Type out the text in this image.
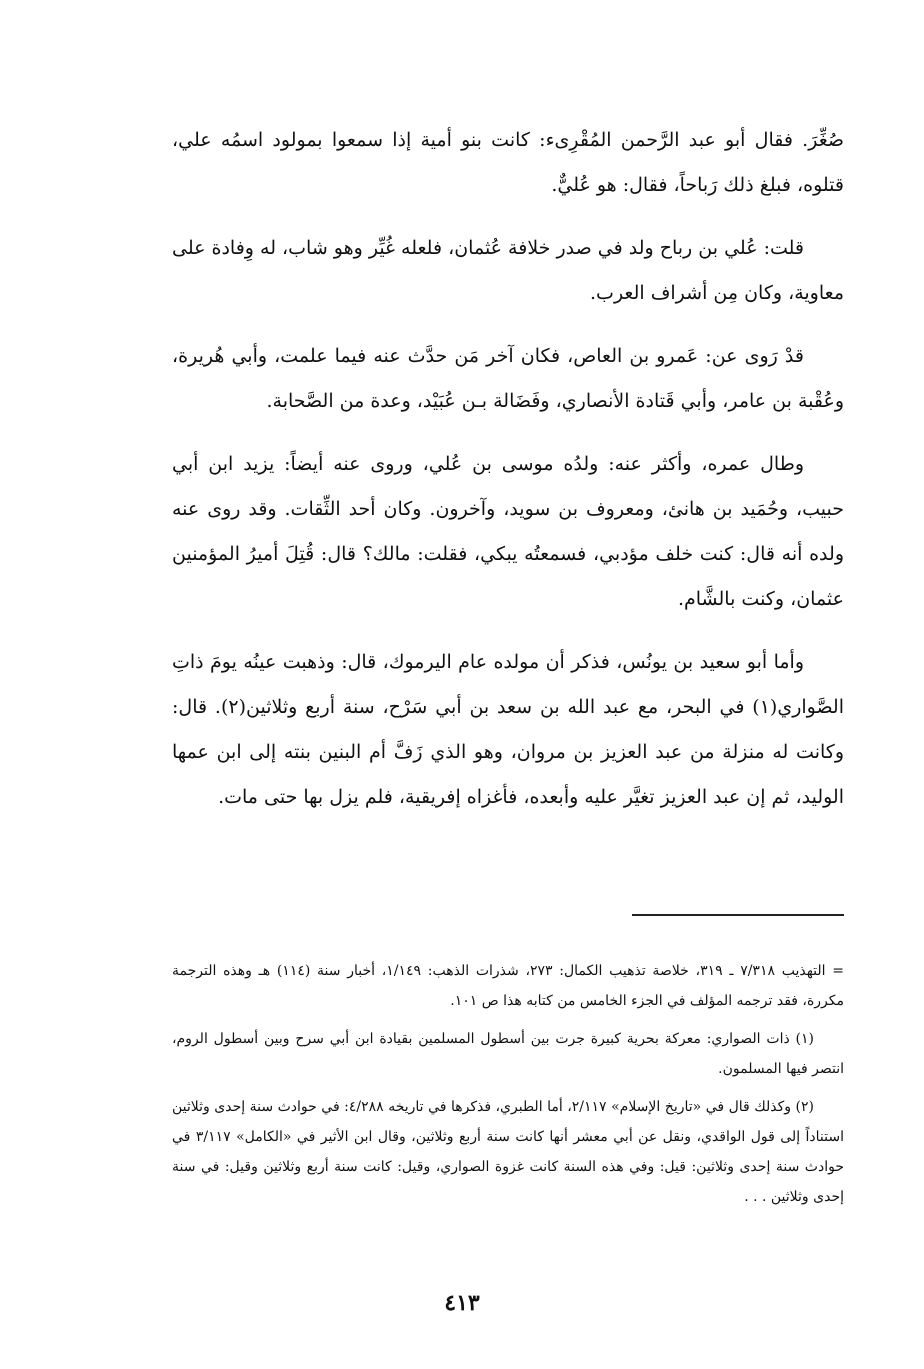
صُغِّرَ. فقال أبو عبد الرَّحمن المُقْرِىء: كانت بنو أمية إذا سمعوا بمولود اسمُه علي، قتلوه، فبلغ ذلك رَباحاً، فقال: هو عُليٌّ.

قلت: عُلي بن رباح ولد في صدر خلافة عُثمان، فلعله غُيِّر وهو شاب، له وِفادة على معاوية، وكان مِن أشراف العرب.

قدْ رَوى عن: عَمرو بن العاص، فكان آخر مَن حدَّث عنه فيما علمت، وأبي هُريرة، وعُقْبة بن عامر، وأبي قَتادة الأنصاري، وفَضَالة بـن عُبَيْد، وعدة من الصَّحابة.

وطال عمره، وأكثر عنه: ولدُه موسى بن عُلي، وروى عنه أيضاً: يزيد ابن أبي حبيب، وحُمَيد بن هانئ، ومعروف بن سويد، وآخرون. وكان أحد الثِّقات. وقد روى عنه ولده أنه قال: كنت خلف مؤدبي، فسمعتُه يبكي، فقلت: مالك؟ قال: قُتِلَ أميرُ المؤمنين عثمان، وكنت بالشَّام.

وأما أبو سعيد بن يونُس، فذكر أن مولده عام اليرموك، قال: وذهبت عينُه يومَ ذاتِ الصَّواري(١) في البحر، مع عبد الله بن سعد بن أبي سَرْح، سنة أربع وثلاثين(٢). قال: وكانت له منزلة من عبد العزيز بن مروان، وهو الذي زَفَّ أم البنين بنته إلى ابن عمها الوليد، ثم إن عبد العزيز تغيَّر عليه وأبعده، فأغزاه إفريقية، فلم يزل بها حتى مات.

= التهذيب ٧/٣١٨ ـ ٣١٩، خلاصة تذهيب الكمال: ٢٧٣، شذرات الذهب: ١/١٤٩، أخبار سنة (١١٤) هـ وهذه الترجمة مكررة، فقد ترجمه المؤلف في الجزء الخامس من كتابه هذا ص ١٠١.

(١) ذات الصواري: معركة بحرية كبيرة جرت بين أسطول المسلمين بقيادة ابن أبي سرح وبين أسطول الروم، انتصر فيها المسلمون.

(٢) وكذلك قال في «تاريخ الإسلام» ٢/١١٧، أما الطبري، فذكرها في تاريخه ٤/٢٨٨: في حوادث سنة إحدى وثلاثين استناداً إلى قول الواقدي، ونقل عن أبي معشر أنها كانت سنة أربع وثلاثين، وقال ابن الأثير في «الكامل» ٣/١١٧ في حوادث سنة إحدى وثلاثين: قيل: وفي هذه السنة كانت غزوة الصواري، وقيل: كانت سنة أربع وثلاثين وقيل: في سنة إحدى وثلاثين . . .

٤١٣
